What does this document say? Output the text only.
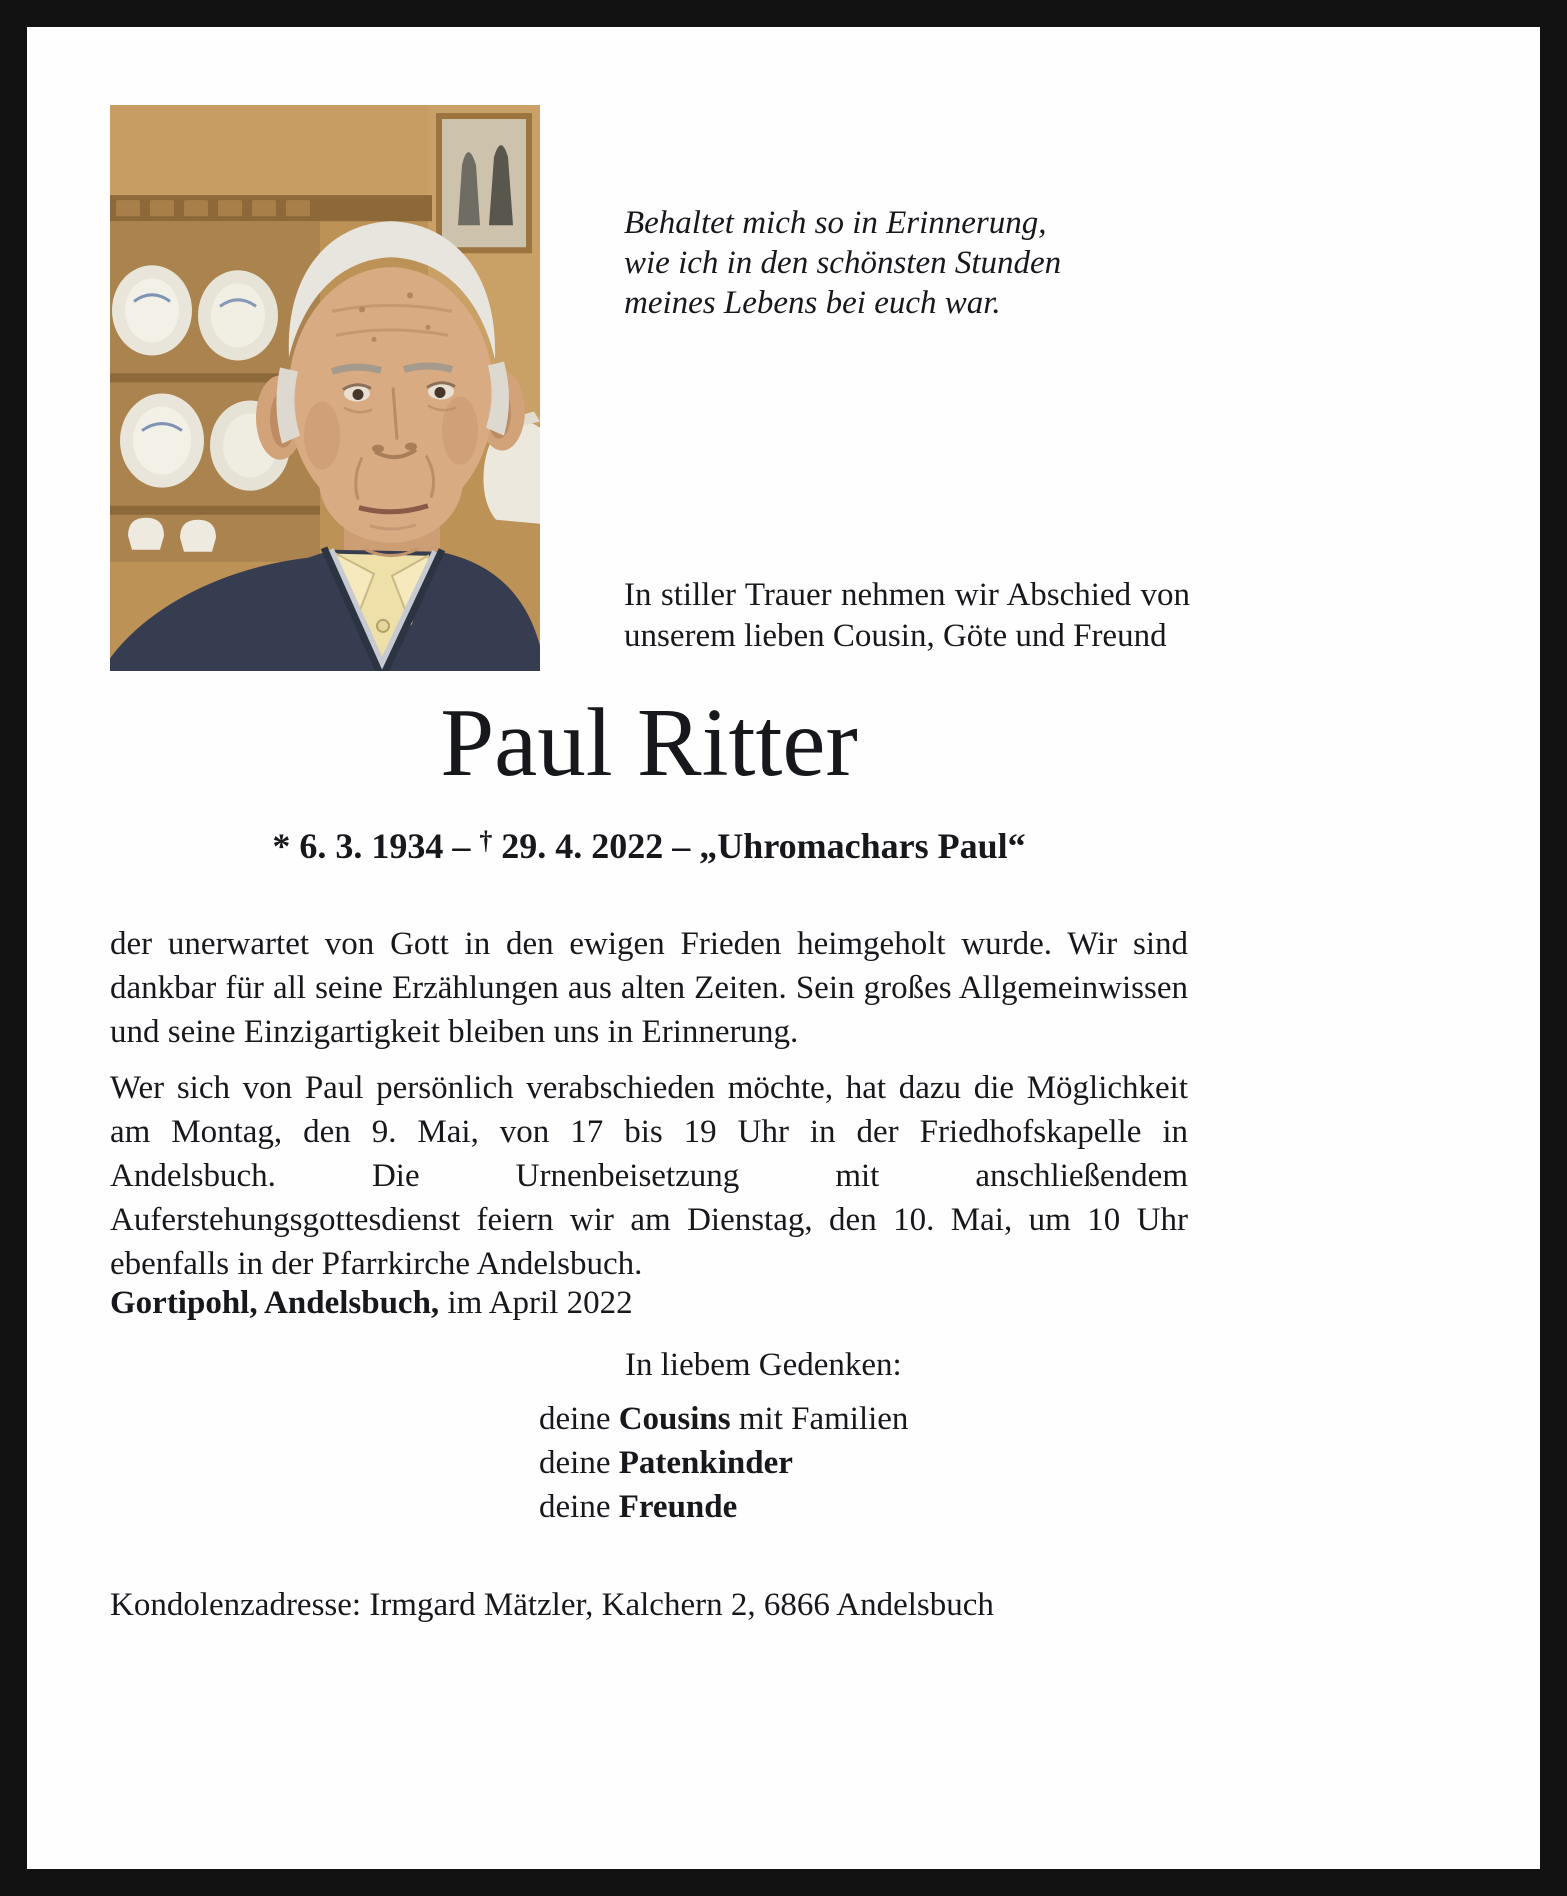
Behaltet mich so in Erinnerung,
wie ich in den schönsten Stunden
meines Lebens bei euch war.
In stiller Trauer nehmen wir Abschied von unserem lieben Cousin, Göte und Freund
Paul Ritter
* 6. 3. 1934 – † 29. 4. 2022 – „Uhromachars Paul“

der unerwartet von Gott in den ewigen Frieden heimgeholt wurde. Wir sind dankbar für all seine Erzählungen aus alten Zeiten. Sein großes Allgemeinwissen und seine Einzigartigkeit bleiben uns in Erinnerung.

Wer sich von Paul persönlich verabschieden möchte, hat dazu die Möglichkeit am Montag, den 9. Mai, von 17 bis 19 Uhr in der Friedhofskapelle in Andelsbuch. Die Urnenbeisetzung mit anschließendem Auferstehungsgottesdienst feiern wir am Dienstag, den 10. Mai, um 10 Uhr ebenfalls in der Pfarrkirche Andelsbuch.

Gortipohl, Andelsbuch, im April 2022
In liebem Gedenken:
deine Cousins mit Familien
deine Patenkinder
deine Freunde
Kondolenzadresse: Irmgard Mätzler, Kalchern 2, 6866 Andelsbuch
